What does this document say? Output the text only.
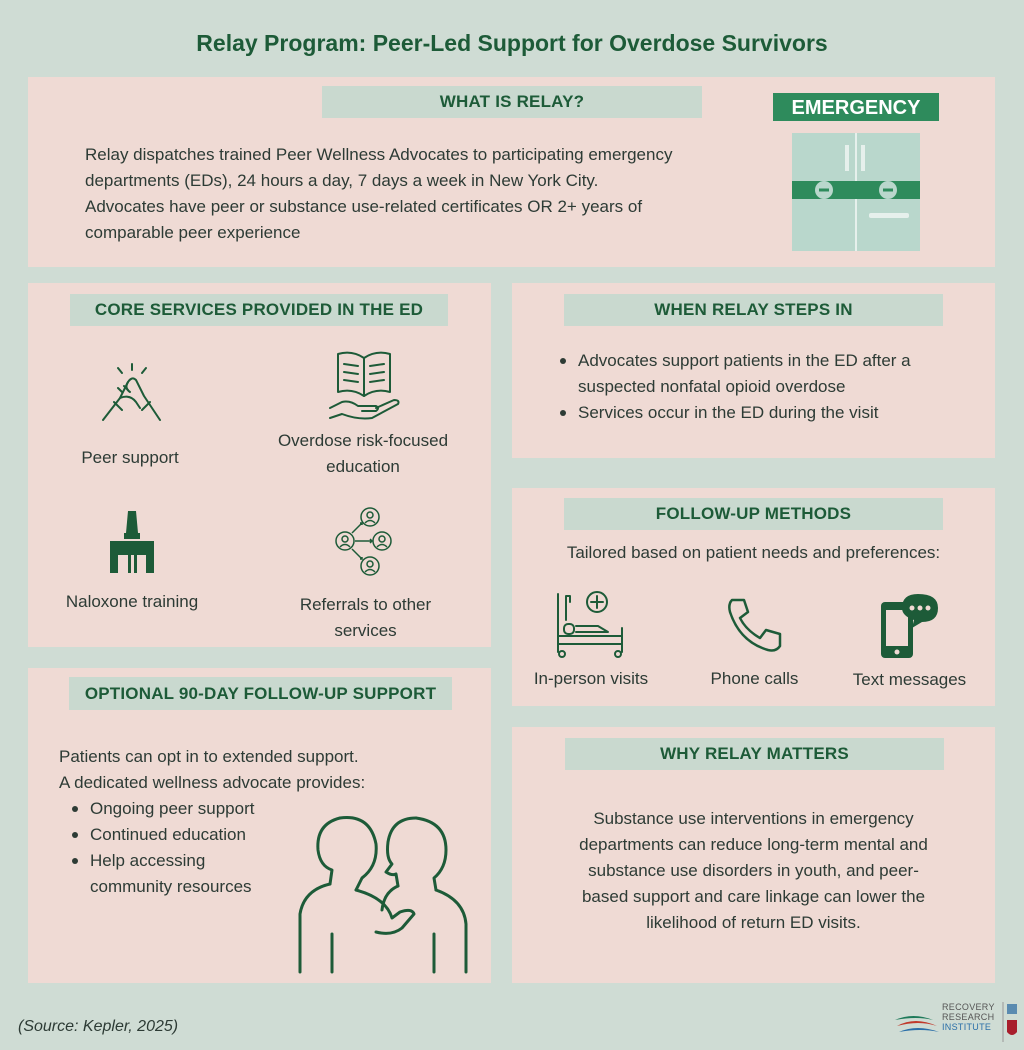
Relay Program: Peer-Led Support for Overdose Survivors
WHAT IS RELAY?
Relay dispatches trained Peer Wellness Advocates to participating emergency
departments (EDs), 24 hours a day, 7 days a week in New York City.
Advocates have peer or substance use-related certificates OR 2+ years of
comparable peer experience
EMERGENCY
CORE SERVICES PROVIDED IN THE ED
Peer support
Overdose risk-focused
education
Naloxone training	Referrals to other
services
WHEN RELAY STEPS IN
Advocates support patients in the ED after a
suspected nonfatal opioid overdose
Services occur in the ED during the visit
FOLLOW-UP METHODS
Tailored based on patient needs and preferences:
In-person visits	Phone calls	Text messages
OPTIONAL 90-DAY FOLLOW-UP SUPPORT
Patients can opt in to extended support.
A dedicated wellness advocate provides:
Ongoing peer support
Continued education
Help accessing
community resources
WHY RELAY MATTERS
Substance use interventions in emergency
departments can reduce long-term mental and
substance use disorders in youth, and peer-
based support and care linkage can lower the
likelihood of return ED visits.
(Source: Kepler, 2025)
RECOVERY
RESEARCH
INSTITUTE
